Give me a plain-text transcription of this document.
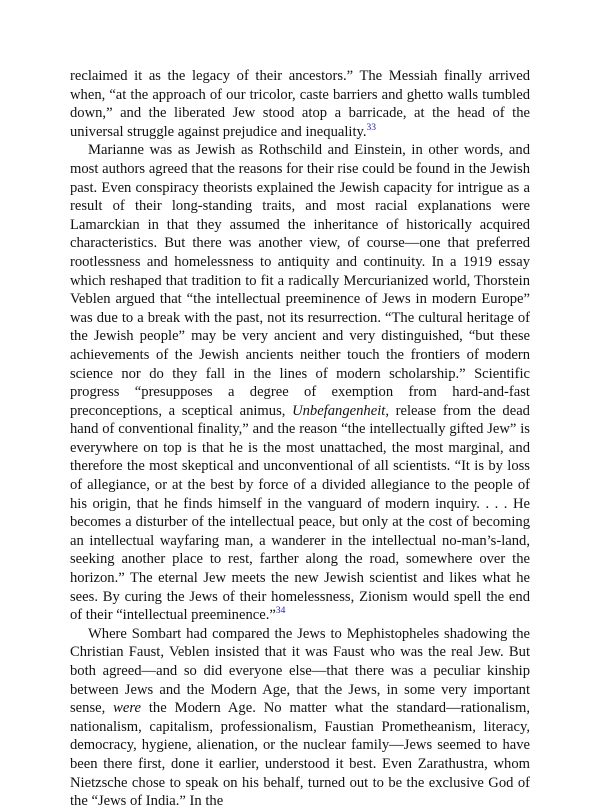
reclaimed it as the legacy of their ancestors.” The Messiah finally arrived when, “at the approach of our tricolor, caste barriers and ghetto walls tumbled down,” and the liberated Jew stood atop a barricade, at the head of the universal struggle against prejudice and inequality.$^{33}$

Marianne was as Jewish as Rothschild and Einstein, in other words, and most authors agreed that the reasons for their rise could be found in the Jewish past. Even conspiracy theorists explained the Jewish capacity for intrigue as a result of their long-standing traits, and most racial explanations were Lamarckian in that they assumed the inheritance of historically acquired characteristics. But there was another view, of course—one that preferred rootlessness and homelessness to antiquity and continuity. In a 1919 essay which reshaped that tradition to fit a radically Mercurianized world, Thorstein Veblen argued that “the intellectual preeminence of Jews in modern Europe” was due to a break with the past, not its resurrection. “The cultural heritage of the Jewish people” may be very ancient and very distinguished, “but these achievements of the Jewish ancients neither touch the frontiers of modern science nor do they fall in the lines of modern scholarship.” Scientific progress “presupposes a degree of exemption from hard-and-fast preconceptions, a sceptical animus, Unbefangenheit, release from the dead hand of conventional finality,” and the reason “the intellectually gifted Jew” is everywhere on top is that he is the most unattached, the most marginal, and therefore the most skeptical and unconventional of all scientists. “It is by loss of allegiance, or at the best by force of a divided allegiance to the people of his origin, that he finds himself in the vanguard of modern inquiry. . . . He becomes a disturber of the intellectual peace, but only at the cost of becoming an intellectual wayfaring man, a wanderer in the intellectual no-man’s-land, seeking another place to rest, farther along the road, somewhere over the horizon.” The eternal Jew meets the new Jewish scientist and likes what he sees. By curing the Jews of their homelessness, Zionism would spell the end of their “intellectual preeminence.”$^{34}$

Where Sombart had compared the Jews to Mephistopheles shadowing the Christian Faust, Veblen insisted that it was Faust who was the real Jew. But both agreed—and so did everyone else—that there was a peculiar kinship between Jews and the Modern Age, that the Jews, in some very important sense, were the Modern Age. No matter what the standard—rationalism, nationalism, capitalism, professionalism, Faustian Prometheanism, literacy, democracy, hygiene, alienation, or the nuclear family—Jews seemed to have been there first, done it earlier, understood it best. Even Zarathustra, whom Nietzsche chose to speak on his behalf, turned out to be the exclusive God of the “Jews of India.” In the
